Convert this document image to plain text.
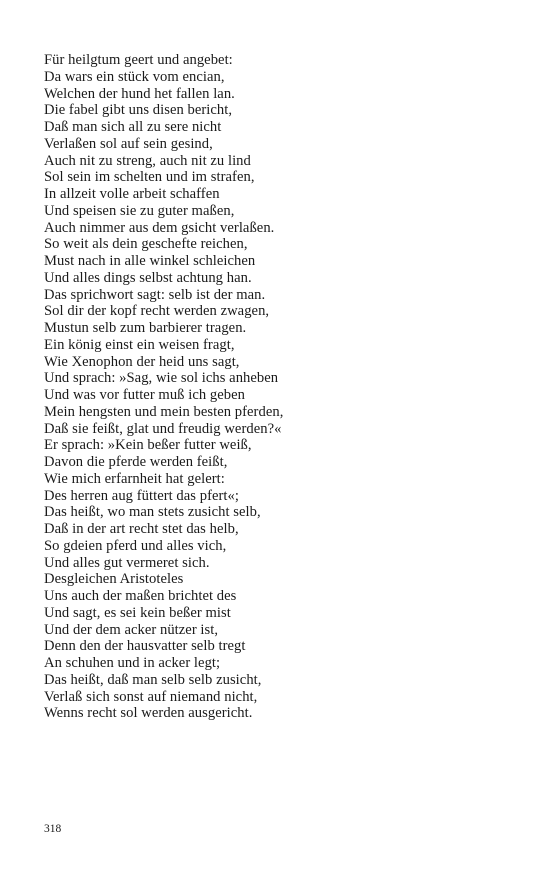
Für heilgtum geert und angebet:
Da wars ein stück vom encian,
Welchen der hund het fallen lan.
Die fabel gibt uns disen bericht,
Daß man sich all zu sere nicht
Verlaßen sol auf sein gesind,
Auch nit zu streng, auch nit zu lind
Sol sein im schelten und im strafen,
In allzeit volle arbeit schaffen
Und speisen sie zu guter maßen,
Auch nimmer aus dem gsicht verlaßen.
So weit als dein geschefte reichen,
Must nach in alle winkel schleichen
Und alles dings selbst achtung han.
Das sprichwort sagt: selb ist der man.
Sol dir der kopf recht werden zwagen,
Mustun selb zum barbierer tragen.
Ein könig einst ein weisen fragt,
Wie Xenophon der heid uns sagt,
Und sprach: »Sag, wie sol ichs anheben
Und was vor futter muß ich geben
Mein hengsten und mein besten pferden,
Daß sie feißt, glat und freudig werden?«
Er sprach: »Kein beßer futter weiß,
Davon die pferde werden feißt,
Wie mich erfarnheit hat gelert:
Des herren aug füttert das pfert«;
Das heißt, wo man stets zusicht selb,
Daß in der art recht stet das helb,
So gdeien pferd und alles vich,
Und alles gut vermeret sich.
Desgleichen Aristoteles
Uns auch der maßen brichtet des
Und sagt, es sei kein beßer mist
Und der dem acker nützer ist,
Denn den der hausvatter selb tregt
An schuhen und in acker legt;
Das heißt, daß man selb selb zusicht,
Verlaß sich sonst auf niemand nicht,
Wenns recht sol werden ausgericht.
318
